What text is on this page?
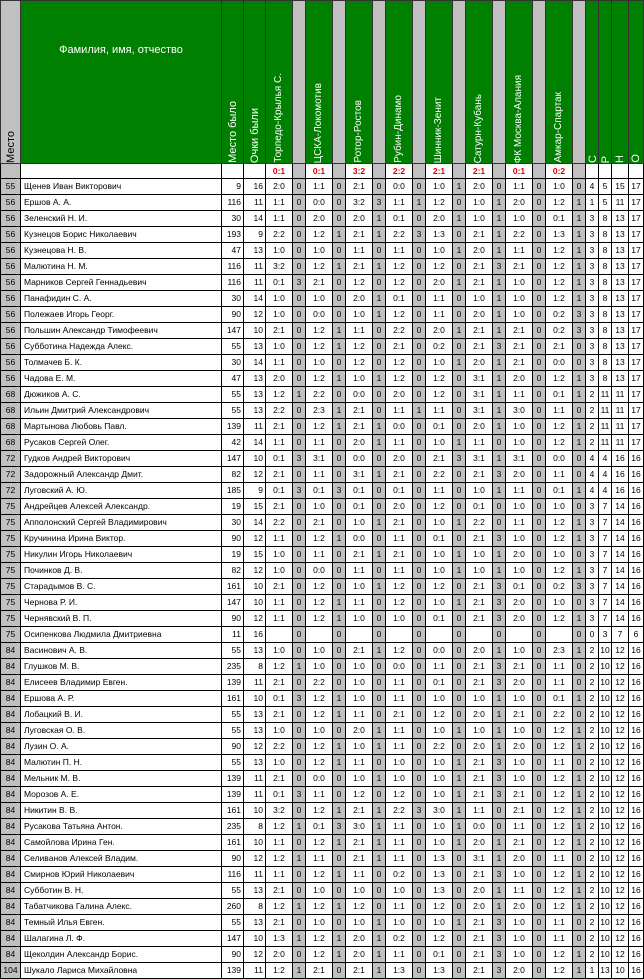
Место	Фамилия, имя, отчество	Место было	Очки были	Торпедо-Крылья С.		ЦСКА-Локомотив		Ротор-Ростов		Рубин-Динамо		Шинник-Зенит		Сатурн-Кубань		ФК Москва-Алания		Амкар-Спартак		С	Р	Н	О

				0:1		0:1		3:2		2:2		2:1		2:1		0:1		0:2					
55	Щенев Иван Викторович	9	16	2:0	0	1:1	0	2:1	0	0:0	0	1:0	1	2:0	0	1:1	0	1:0	0	4	5	15	17
56	Ершов А. А.	116	11	1:1	0	0:0	0	3:2	3	1:1	1	1:2	0	1:0	1	2:0	0	1:2	1	1	5	11	17
56	Зеленский Н. И.	30	14	1:1	0	2:0	0	2:0	1	0:1	0	2:0	1	1:0	1	1:0	0	0:1	1	3	8	13	17
56	Кузнецов Борис Николаевич	193	9	2:2	0	1:2	1	2:1	1	2:2	3	1:3	0	2:1	1	2:2	0	1:3	1	3	8	13	17
56	Кузнецова Н. В.	47	13	1:0	0	1:0	0	1:1	0	1:1	0	1:0	1	2:0	1	1:1	0	1:2	1	3	8	13	17
56	Малютина Н. М.	116	11	3:2	0	1:2	1	2:1	1	1:2	0	1:2	0	2:1	3	2:1	0	1:2	1	3	8	13	17
56	Марников Сергей Геннадьевич	116	11	0:1	3	2:1	0	1:2	0	1:2	0	2:0	1	2:1	1	1:0	0	1:2	1	3	8	13	17
56	Панафидин С. А.	30	14	1:0	0	1:0	0	2:0	1	0:1	0	1:1	0	1:0	1	1:0	0	1:2	1	3	8	13	17
56	Полежаев Игорь Георг.	90	12	1:0	0	0:0	0	1:0	1	1:2	0	1:1	0	2:0	1	1:0	0	0:2	3	3	8	13	17
56	Польшин Александр Тимофеевич	147	10	2:1	0	1:2	1	1:1	0	2:2	0	2:0	1	2:1	1	2:1	0	0:2	3	3	8	13	17
56	Субботина Надежда Алекс.	55	13	1:0	0	1:2	1	1:2	0	2:1	0	0:2	0	2:1	3	2:1	0	2:1	0	3	8	13	17
56	Толмачев Б. К.	30	14	1:1	0	1:0	0	1:2	0	1:2	0	1:0	1	2:0	1	2:1	0	0:0	0	3	8	13	17
56	Чадова Е. М.	47	13	2:0	0	1:2	1	1:0	1	1:2	0	1:2	0	3:1	1	2:0	0	1:2	1	3	8	13	17
68	Дюжиков А. С.	55	13	1:2	1	2:2	0	0:0	0	2:0	0	1:2	0	3:1	1	1:1	0	0:1	1	2	11	11	17
68	Ильин Дмитрий Александрович	55	13	2:2	0	2:3	1	2:1	0	1:1	1	1:1	0	3:1	1	3:0	0	1:1	0	2	11	11	17
68	Мартынова Любовь Павл.	139	11	2:1	0	1:2	1	2:1	1	0:0	0	0:1	0	2:0	1	1:0	0	1:2	1	2	11	11	17
68	Русаков Сергей Олег.	42	14	1:1	0	1:1	0	2:0	1	1:1	0	1:0	1	1:1	0	1:0	0	1:2	1	2	11	11	17
72	Гудков Андрей Викторович	147	10	0:1	3	3:1	0	0:0	0	2:0	0	2:1	3	3:1	1	3:1	0	0:0	0	4	4	16	16
72	Задорожный Александр Дмит.	82	12	2:1	0	1:1	0	3:1	1	2:1	0	2:2	0	2:1	3	2:0	0	1:1	0	4	4	16	16
72	Луговский А. Ю.	185	9	0:1	3	0:1	3	0:1	0	0:1	0	1:1	0	1:0	1	1:1	0	0:1	1	4	4	16	16
75	Андрейцев Алексей Александр.	19	15	2:1	0	1:0	0	0:1	0	2:0	0	1:2	0	0:1	0	1:0	0	1:0	0	3	7	14	16
75	Апполонский Сергей Владимирович	30	14	2:2	0	2:1	0	1:0	1	2:1	0	1:0	1	2:2	0	1:1	0	1:2	1	3	7	14	16
75	Кручинина Ирина Виктор.	90	12	1:1	0	1:2	1	0:0	0	1:1	0	0:1	0	2:1	3	1:0	0	1:2	1	3	7	14	16
75	Никулин Игорь Николаевич	19	15	1:0	0	1:1	0	2:1	1	2:1	0	1:0	1	1:0	1	2:0	0	1:0	0	3	7	14	16
75	Починков Д. В.	82	12	1:0	0	0:0	0	1:1	0	1:1	0	1:0	1	1:0	1	1:0	0	1:2	1	3	7	14	16
75	Старадымов В. С.	161	10	2:1	0	1:2	0	1:0	1	1:2	0	1:2	0	2:1	3	0:1	0	0:2	3	3	7	14	16
75	Чернова Р. И.	147	10	1:1	0	1:2	1	1:1	0	1:2	0	1:0	1	2:1	3	2:0	0	1:0	0	3	7	14	16
75	Чернявский В. П.	90	12	1:1	0	1:2	1	1:0	0	1:0	0	0:1	0	2:1	3	2:0	0	1:2	1	3	7	14	16
75	Осипенкова Людмила Дмитриевна	11	16		0		0		0		0		0		0		0		0	0	3	7	6
84	Васинович А. В.	55	13	1:0	0	1:0	0	2:1	1	1:2	0	0:0	0	2:0	1	1:0	0	2:3	1	2	10	12	16
84	Глушков М. В.	235	8	1:2	1	1:0	0	1:0	0	0:0	0	1:1	0	2:1	3	2:1	0	1:1	0	2	10	12	16
84	Елисеев Владимир Евген.	139	11	2:1	0	2:2	0	1:0	0	1:1	0	0:1	0	2:1	3	2:0	0	1:1	0	2	10	12	16
84	Ершова А. Р.	161	10	0:1	3	1:2	1	1:0	0	1:1	0	1:0	0	1:0	1	1:0	0	0:1	1	2	10	12	16
84	Лобацкий В. И.	55	13	2:1	0	1:2	1	1:1	0	2:1	0	1:2	0	2:0	1	2:1	0	2:2	0	2	10	12	16
84	Луговская О. В.	55	13	1:0	0	1:0	0	2:0	1	1:1	0	1:0	1	1:0	1	1:0	0	1:2	1	2	10	12	16
84	Лузин О. А.	90	12	2:2	0	1:2	1	1:0	1	1:1	0	2:2	0	2:0	1	2:0	0	1:2	1	2	10	12	16
84	Малютин П. Н.	55	13	1:0	0	1:2	1	1:1	0	1:0	0	1:0	1	2:1	3	1:0	0	1:1	0	2	10	12	16
84	Мельник М. В.	139	11	2:1	0	0:0	0	1:0	1	1:0	0	1:0	1	2:1	3	1:0	0	1:2	1	2	10	12	16
84	Морозов А. Е.	139	11	0:1	3	1:1	0	1:2	0	1:2	0	1:0	1	2:1	3	2:1	0	1:2	1	2	10	12	16
84	Никитин В. В.	161	10	3:2	0	1:2	1	2:1	1	2:2	3	3:0	1	1:1	0	2:1	0	1:2	1	2	10	12	16
84	Русакова Татьяна Антон.	235	8	1:2	1	0:1	3	3:0	1	1:1	0	1:0	1	0:0	0	1:1	0	1:2	1	2	10	12	16
84	Самойлова Ирина Ген.	161	10	1:1	0	1:2	1	2:1	1	1:1	0	1:0	1	2:0	1	2:1	0	1:2	1	2	10	12	16
84	Селиванов Алексей Владим.	90	12	1:2	1	1:1	0	2:1	1	1:1	0	1:3	0	3:1	1	2:0	0	1:1	0	2	10	12	16
84	Смирнов Юрий Николаевич	116	11	1:1	0	1:2	1	1:1	0	0:2	0	1:3	0	2:1	3	1:0	0	1:2	1	2	10	12	16
84	Субботин В. Н.	55	13	2:1	0	1:0	0	1:0	0	1:0	0	1:3	0	2:0	1	1:1	0	1:2	1	2	10	12	16
84	Табатчикова Галина Алекс.	260	8	1:2	1	1:2	1	1:2	0	1:1	0	1:2	0	2:0	1	2:0	0	1:2	1	2	10	12	16
84	Темный Илья Евген.	55	13	2:1	0	1:0	0	1:0	1	1:0	0	1:0	1	2:1	3	1:0	0	1:1	0	2	10	12	16
84	Шалагина Л. Ф.	147	10	1:3	1	1:2	1	2:0	1	0:2	0	1:2	0	2:1	3	1:0	0	1:1	0	2	10	12	16
84	Щеколдин Александр Борис.	90	12	2:0	0	1:2	1	2:0	1	1:1	0	0:1	0	2:1	3	1:0	0	1:2	1	2	10	12	16
104	Шукало Лариса Михайловна	139	11	1:2	1	2:1	0	2:1	1	1:3	0	1:3	0	2:1	3	2:0	0	1:2	1	1	13	10	16
